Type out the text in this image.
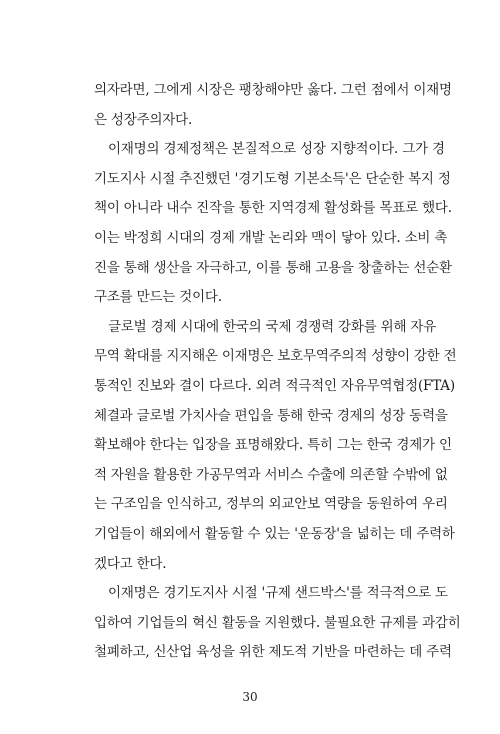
의자라면, 그에게 시장은 팽창해야만 옳다. 그런 점에서 이재명
은 성장주의자다.
이재명의 경제정책은 본질적으로 성장 지향적이다. 그가 경
기도지사 시절 추진했던 '경기도형 기본소득'은 단순한 복지 정
책이 아니라 내수 진작을 통한 지역경제 활성화를 목표로 했다.
이는 박정희 시대의 경제 개발 논리와 맥이 닿아 있다. 소비 촉
진을 통해 생산을 자극하고, 이를 통해 고용을 창출하는 선순환
구조를 만드는 것이다.
글로벌 경제 시대에 한국의 국제 경쟁력 강화를 위해 자유
무역 확대를 지지해온 이재명은 보호무역주의적 성향이 강한 전
통적인 진보와 결이 다르다. 외려 적극적인 자유무역협정(FTA)
체결과 글로벌 가치사슬 편입을 통해 한국 경제의 성장 동력을
확보해야 한다는 입장을 표명해왔다. 특히 그는 한국 경제가 인
적 자원을 활용한 가공무역과 서비스 수출에 의존할 수밖에 없
는 구조임을 인식하고, 정부의 외교안보 역량을 동원하여 우리
기업들이 해외에서 활동할 수 있는 '운동장'을 넓히는 데 주력하
겠다고 한다.
이재명은 경기도지사 시절 '규제 샌드박스'를 적극적으로 도
입하여 기업들의 혁신 활동을 지원했다. 불필요한 규제를 과감히
철폐하고, 신산업 육성을 위한 제도적 기반을 마련하는 데 주력
30
